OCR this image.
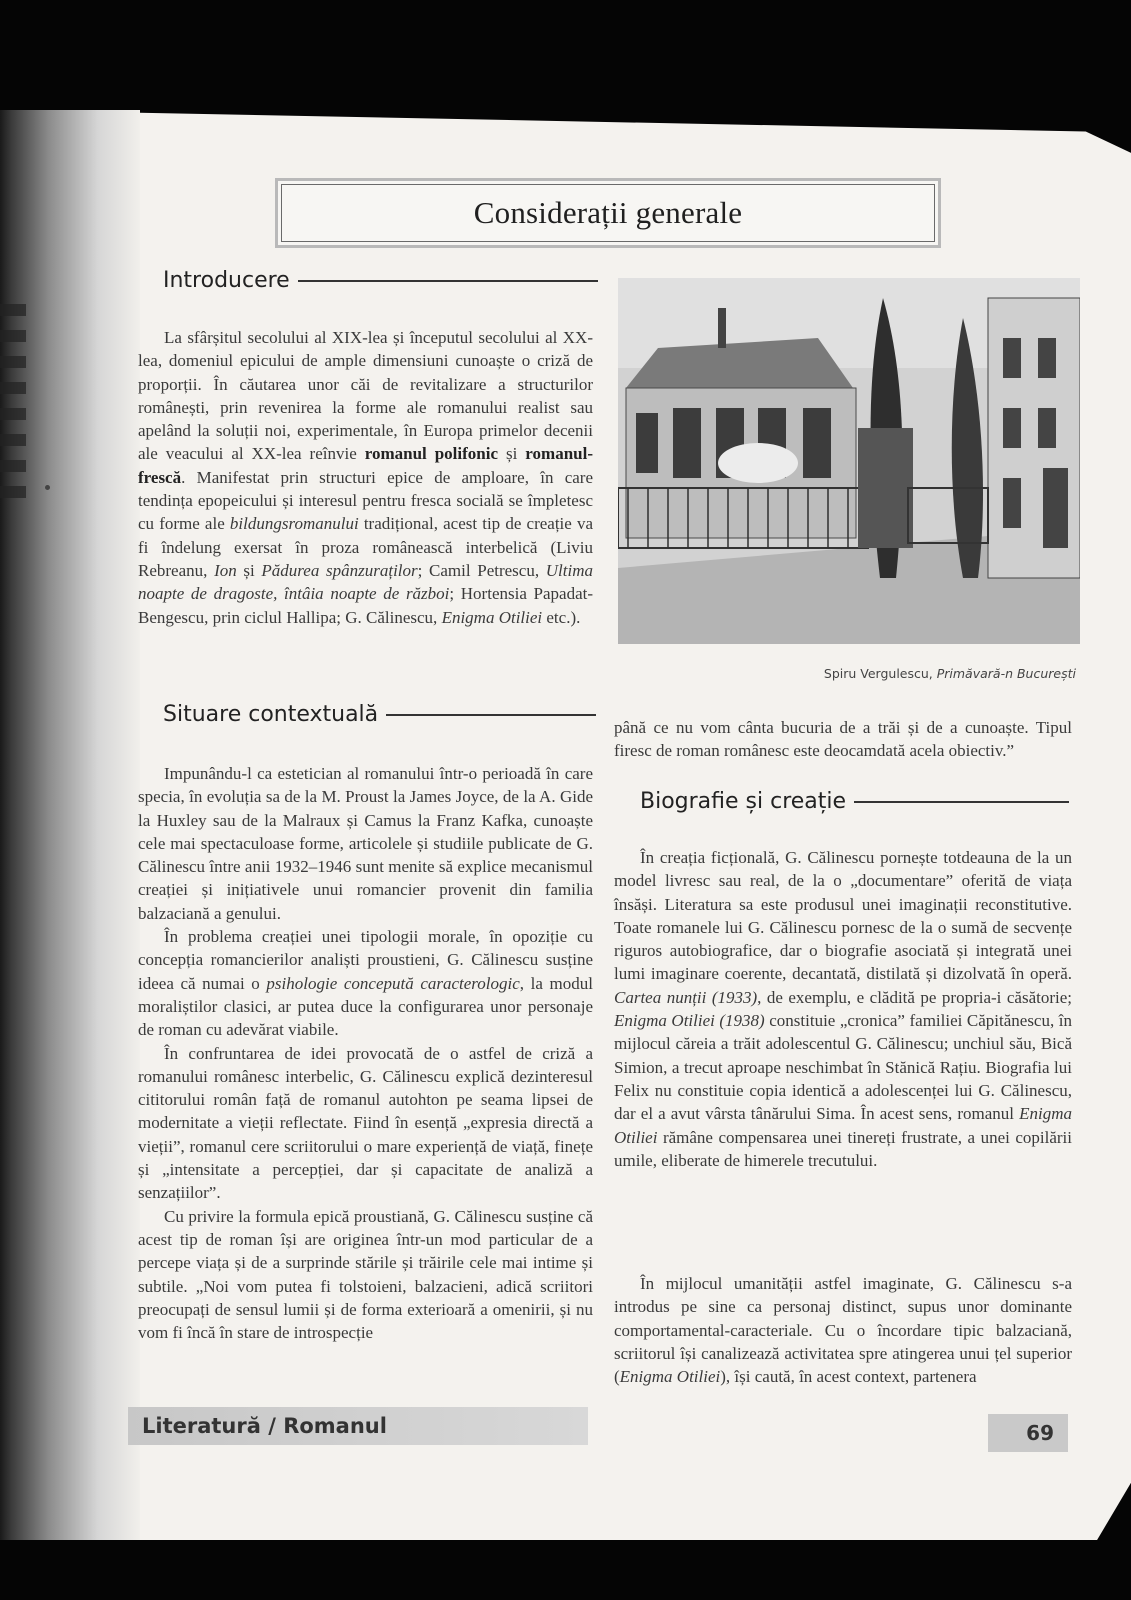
Considerații generale
Introducere

La sfârșitul secolului al XIX-lea și începutul secolului al XX-lea, domeniul epicului de ample dimensiuni cunoaște o criză de proporții. În căutarea unor căi de revitalizare a structurilor românești, prin revenirea la forme ale romanului realist sau apelând la soluții noi, experimentale, în Europa primelor decenii ale veacului al XX-lea reînvie romanul polifonic și romanul-frescă. Manifestat prin structuri epice de amploare, în care tendința epopeicului și interesul pentru fresca socială se împletesc cu forme ale bildungsromanului tradițional, acest tip de creație va fi îndelung exersat în proza românească interbelică (Liviu Rebreanu, Ion și Pădurea spânzuraților; Camil Petrescu, Ultima noapte de dragoste, întâia noapte de război; Hortensia Papadat-Bengescu, prin ciclul Hallipa; G. Călinescu, Enigma Otiliei etc.).

Spiru Vergulescu, Primăvară-n București
Situare contextuală

Impunându-l ca estetician al romanului într-o perioadă în care specia, în evoluția sa de la M. Proust la James Joyce, de la A. Gide la Huxley sau de la Malraux și Camus la Franz Kafka, cunoaște cele mai spectaculoase forme, articolele și studiile publicate de G. Călinescu între anii 1932–1946 sunt menite să explice mecanismul creației și inițiativele unui romancier provenit din familia balzaciană a genului.

În problema creației unei tipologii morale, în opoziție cu concepția romancierilor analiști proustieni, G. Călinescu susține ideea că numai o psihologie concepută caracterologic, la modul moraliștilor clasici, ar putea duce la configurarea unor personaje de roman cu adevărat viabile.

În confruntarea de idei provocată de o astfel de criză a romanului românesc interbelic, G. Călinescu explică dezinteresul cititorului român față de romanul autohton pe seama lipsei de modernitate a vieții reflectate. Fiind în esență „expresia directă a vieții”, romanul cere scriitorului o mare experiență de viață, finețe și „intensitate a percepției, dar și capacitate de analiză a senzațiilor”.

Cu privire la formula epică proustiană, G. Călinescu susține că acest tip de roman își are originea într-un mod particular de a percepe viața și de a surprinde stările și trăirile cele mai intime și subtile. „Noi vom putea fi tolstoieni, balzacieni, adică scriitori preocupați de sensul lumii și de forma exterioară a omenirii, și nu vom fi încă în stare de introspecție

până ce nu vom cânta bucuria de a trăi și de a cunoaște. Tipul firesc de roman românesc este deocamdată acela obiectiv.”

Biografie și creație

În creația ficțională, G. Călinescu pornește totdeauna de la un model livresc sau real, de la o „documentare” oferită de viața însăși. Literatura sa este produsul unei imaginații reconstitutive. Toate romanele lui G. Călinescu pornesc de la o sumă de secvențe riguros autobiografice, dar o biografie asociată și integrată unei lumi imaginare coerente, decantată, distilată și dizolvată în operă. Cartea nunții (1933), de exemplu, e clădită pe propria-i căsătorie; Enigma Otiliei (1938) constituie „cronica” familiei Căpitănescu, în mijlocul căreia a trăit adolescentul G. Călinescu; unchiul său, Bică Simion, a trecut aproape neschimbat în Stănică Rațiu. Biografia lui Felix nu constituie copia identică a adolescenței lui G. Călinescu, dar el a avut vârsta tânărului Sima. În acest sens, romanul Enigma Otiliei rămâne compensarea unei tinereți frustrate, a unei copilării umile, eliberate de himerele trecutului.

În mijlocul umanității astfel imaginate, G. Călinescu s-a introdus pe sine ca personaj distinct, supus unor dominante comportamental-caracteriale. Cu o încordare tipic balzaciană, scriitorul își canalizează activitatea spre atingerea unui țel superior (Enigma Otiliei), își caută, în acest context, partenera

Literatură / Romanul	69
